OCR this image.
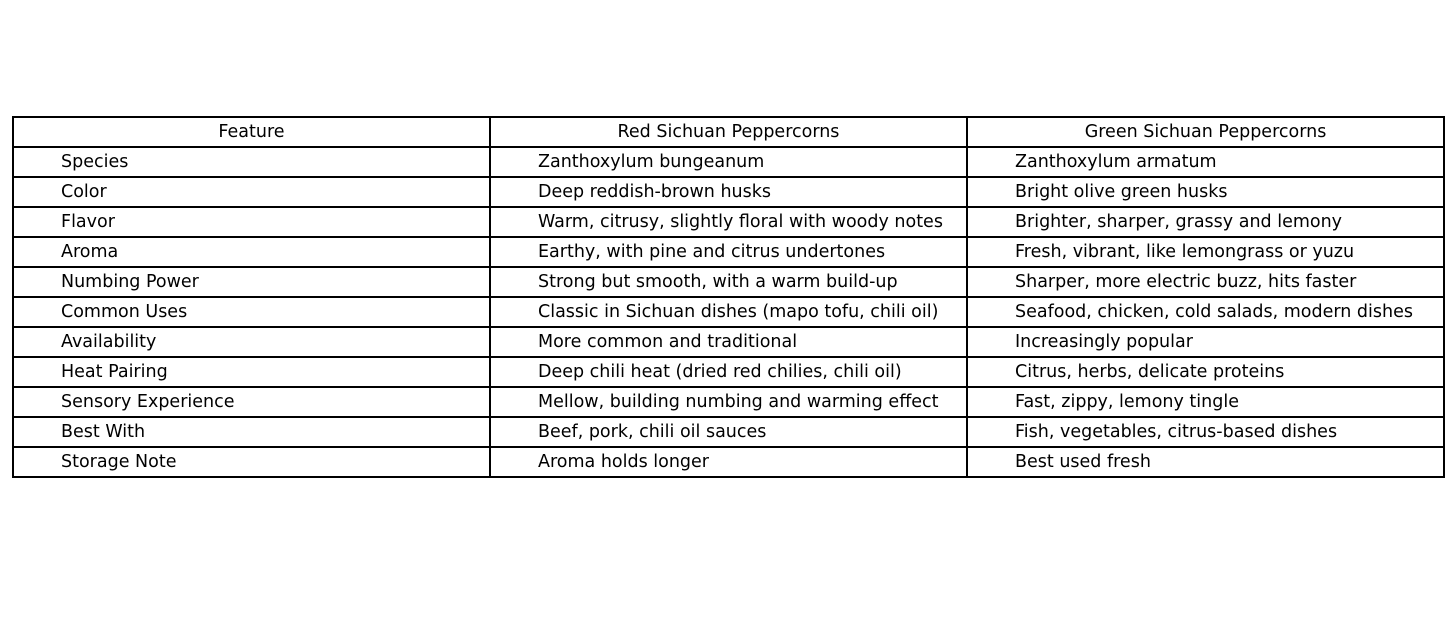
Feature	Red Sichuan Peppercorns	Green Sichuan Peppercorns
Species	Zanthoxylum bungeanum	Zanthoxylum armatum
Color	Deep reddish-brown husks	Bright olive green husks
Flavor	Warm, citrusy, slightly floral with woody notes	Brighter, sharper, grassy and lemony
Aroma	Earthy, with pine and citrus undertones	Fresh, vibrant, like lemongrass or yuzu
Numbing Power	Strong but smooth, with a warm build-up	Sharper, more electric buzz, hits faster
Common Uses	Classic in Sichuan dishes (mapo tofu, chili oil)	Seafood, chicken, cold salads, modern dishes
Availability	More common and traditional	Increasingly popular
Heat Pairing	Deep chili heat (dried red chilies, chili oil)	Citrus, herbs, delicate proteins
Sensory Experience	Mellow, building numbing and warming effect	Fast, zippy, lemony tingle
Best With	Beef, pork, chili oil sauces	Fish, vegetables, citrus-based dishes
Storage Note	Aroma holds longer	Best used fresh
